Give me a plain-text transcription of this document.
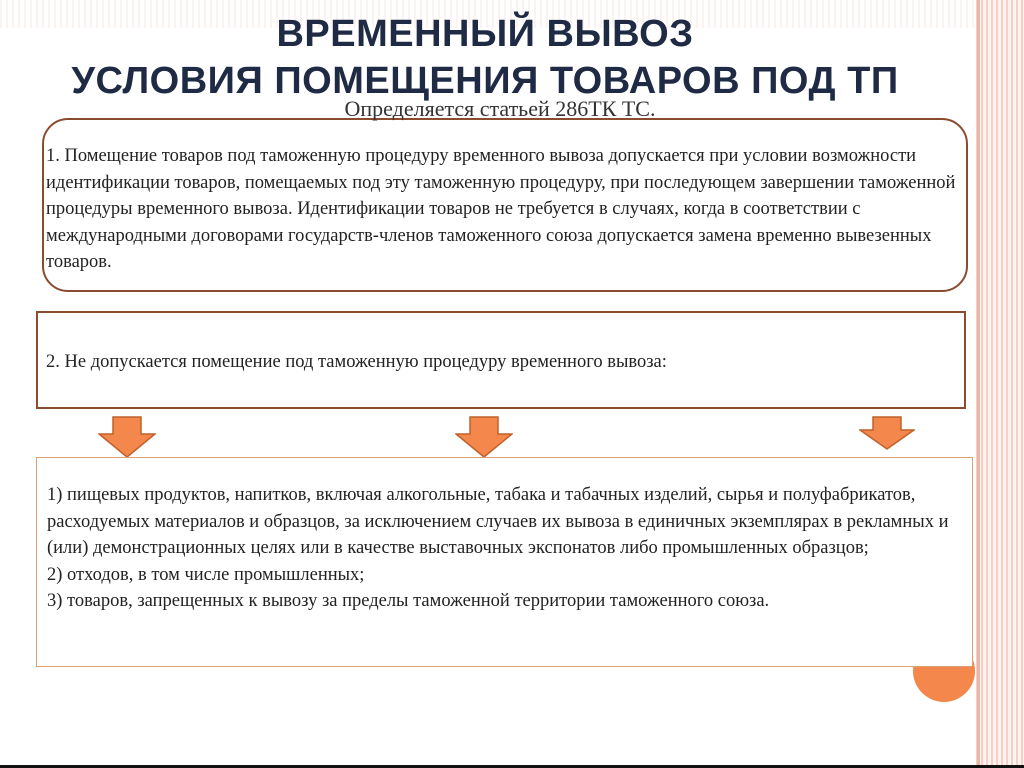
ВРЕМЕННЫЙ ВЫВОЗ
УСЛОВИЯ ПОМЕЩЕНИЯ ТОВАРОВ ПОД ТП
Определяется статьей 286ТК ТС.
1. Помещение товаров под таможенную процедуру временного вывоза допускается при условии возможности идентификации товаров, помещаемых под эту таможенную процедуру, при последующем завершении таможенной процедуры временного вывоза. Идентификации товаров не требуется в случаях, когда в соответствии с международными договорами государств-членов таможенного союза допускается замена временно вывезенных товаров.
2. Не допускается помещение под таможенную процедуру временного вывоза:
1) пищевых продуктов, напитков, включая алкогольные, табака и табачных изделий, сырья и полуфабрикатов, расходуемых материалов и образцов, за исключением случаев их вывоза в единичных экземплярах в рекламных и (или) демонстрационных целях или в качестве выставочных экспонатов либо промышленных образцов;
2) отходов, в том числе промышленных;
3) товаров, запрещенных к вывозу за пределы таможенной территории таможенного союза.
